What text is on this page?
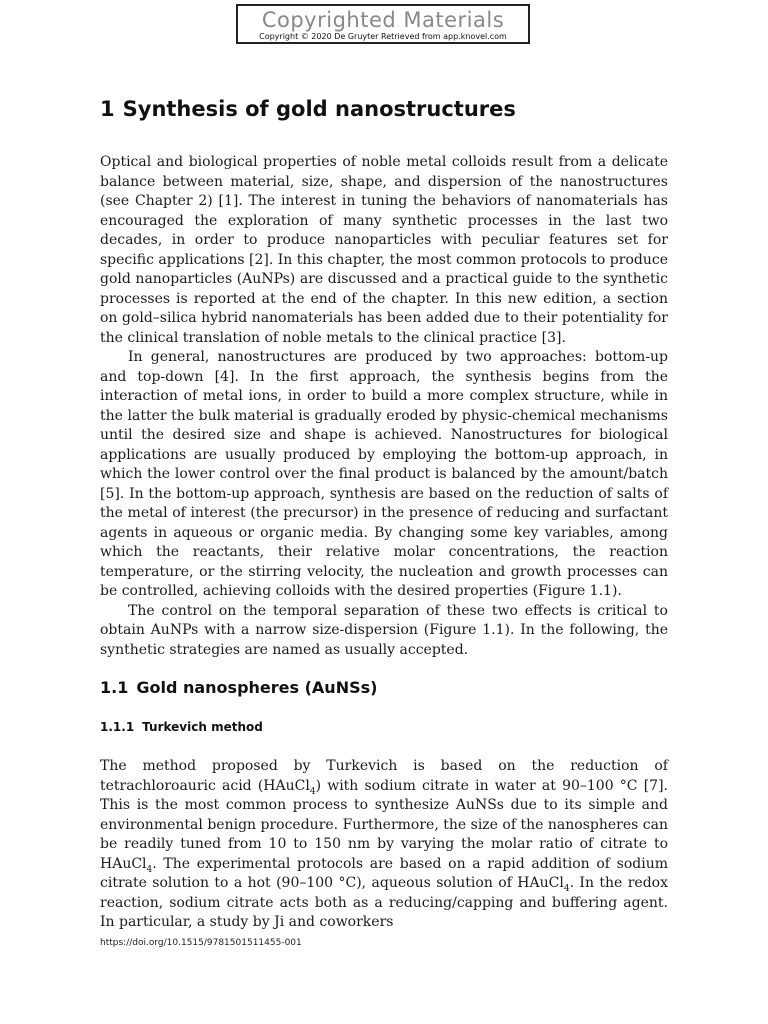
Copyrighted Materials
Copyright © 2020 De Gruyter Retrieved from app.knovel.com
1 Synthesis of gold nanostructures

Optical and biological properties of noble metal colloids result from a delicate balance between material, size, shape, and dispersion of the nanostructures (see Chapter 2) [1]. The interest in tuning the behaviors of nanomaterials has encouraged the exploration of many synthetic processes in the last two decades, in order to produce nanoparticles with peculiar features set for specific applications [2]. In this chapter, the most common protocols to produce gold nanoparticles (AuNPs) are discussed and a practical guide to the synthetic processes is reported at the end of the chapter. In this new edition, a section on gold–silica hybrid nanomaterials has been added due to their potentiality for the clinical translation of noble metals to the clinical practice [3].

In general, nanostructures are produced by two approaches: bottom-up and top-down [4]. In the first approach, the synthesis begins from the interaction of metal ions, in order to build a more complex structure, while in the latter the bulk material is gradually eroded by physic-chemical mechanisms until the desired size and shape is achieved. Nanostructures for biological applications are usually produced by employing the bottom-up approach, in which the lower control over the final product is balanced by the amount/batch [5]. In the bottom-up approach, synthesis are based on the reduction of salts of the metal of interest (the precursor) in the presence of reducing and surfactant agents in aqueous or organic media. By changing some key variables, among which the reactants, their relative molar concentrations, the reaction temperature, or the stirring velocity, the nucleation and growth processes can be controlled, achieving colloids with the desired properties (Figure 1.1).

The control on the temporal separation of these two effects is critical to obtain AuNPs with a narrow size-dispersion (Figure 1.1). In the following, the synthetic strategies are named as usually accepted.

1.1 Gold nanospheres (AuNSs)
1.1.1 Turkevich method

The method proposed by Turkevich is based on the reduction of tetrachloroauric acid (HAuCl$_4$) with sodium citrate in water at 90–100 °C [7]. This is the most common process to synthesize AuNSs due to its simple and environmental benign procedure. Furthermore, the size of the nanospheres can be readily tuned from 10 to 150 nm by varying the molar ratio of citrate to HAuCl$_4$. The experimental protocols are based on a rapid addition of sodium citrate solution to a hot (90–100 °C), aqueous solution of HAuCl$_4$. In the redox reaction, sodium citrate acts both as a reducing/capping and buffering agent. In particular, a study by Ji and coworkers

https://doi.org/10.1515/9781501511455-001
